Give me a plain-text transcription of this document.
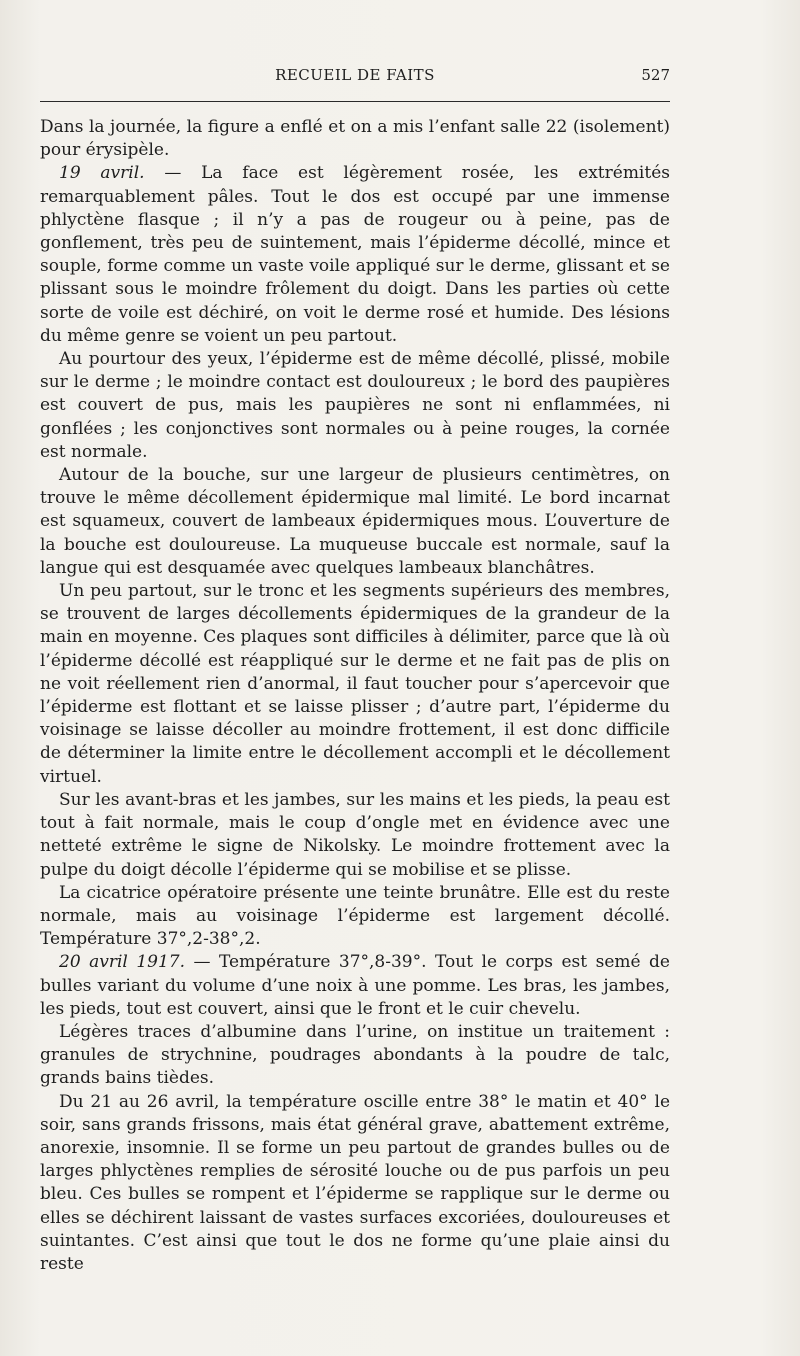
RECUEIL DE FAITS	527

Dans la journée, la figure a enflé et on a mis l’enfant salle 22 (isolement) pour érysipèle.

19 avril. — La face est légèrement rosée, les extrémités remarquablement pâles. Tout le dos est occupé par une immense phlyctène flasque ; il n’y a pas de rougeur ou à peine, pas de gonflement, très peu de suintement, mais l’épiderme décollé, mince et souple, forme comme un vaste voile appliqué sur le derme, glissant et se plissant sous le moindre frôlement du doigt. Dans les parties où cette sorte de voile est déchiré, on voit le derme rosé et humide. Des lésions du même genre se voient un peu partout.

Au pourtour des yeux, l’épiderme est de même décollé, plissé, mobile sur le derme ; le moindre contact est douloureux ; le bord des paupières est couvert de pus, mais les paupières ne sont ni enflammées, ni gonflées ; les conjonctives sont normales ou à peine rouges, la cornée est normale.

Autour de la bouche, sur une largeur de plusieurs centimètres, on trouve le même décollement épidermique mal limité. Le bord incarnat est squameux, couvert de lambeaux épidermiques mous. L’ouverture de la bouche est douloureuse. La muqueuse buccale est normale, sauf la langue qui est desquamée avec quelques lambeaux blanchâtres.

Un peu partout, sur le tronc et les segments supérieurs des membres, se trouvent de larges décollements épidermiques de la grandeur de la main en moyenne. Ces plaques sont difficiles à délimiter, parce que là où l’épiderme décollé est réappliqué sur le derme et ne fait pas de plis on ne voit réellement rien d’anormal, il faut toucher pour s’apercevoir que l’épiderme est flottant et se laisse plisser ; d’autre part, l’épiderme du voisinage se laisse décoller au moindre frottement, il est donc difficile de déterminer la limite entre le décollement accompli et le décollement virtuel.

Sur les avant-bras et les jambes, sur les mains et les pieds, la peau est tout à fait normale, mais le coup d’ongle met en évidence avec une netteté extrême le signe de Nikolsky. Le moindre frottement avec la pulpe du doigt décolle l’épiderme qui se mobilise et se plisse.

La cicatrice opératoire présente une teinte brunâtre. Elle est du reste normale, mais au voisinage l’épiderme est largement décollé. Température 37°,2-38°,2.

20 avril 1917. — Température 37°,8-39°. Tout le corps est semé de bulles variant du volume d’une noix à une pomme. Les bras, les jambes, les pieds, tout est couvert, ainsi que le front et le cuir chevelu.

Légères traces d’albumine dans l’urine, on institue un traitement : granules de strychnine, poudrages abondants à la poudre de talc, grands bains tièdes.

Du 21 au 26 avril, la température oscille entre 38° le matin et 40° le soir, sans grands frissons, mais état général grave, abattement extrême, anorexie, insomnie. Il se forme un peu partout de grandes bulles ou de larges phlyctènes remplies de sérosité louche ou de pus parfois un peu bleu. Ces bulles se rompent et l’épiderme se rapplique sur le derme ou elles se déchirent laissant de vastes surfaces excoriées, douloureuses et suintantes. C’est ainsi que tout le dos ne forme qu’une plaie ainsi du reste
